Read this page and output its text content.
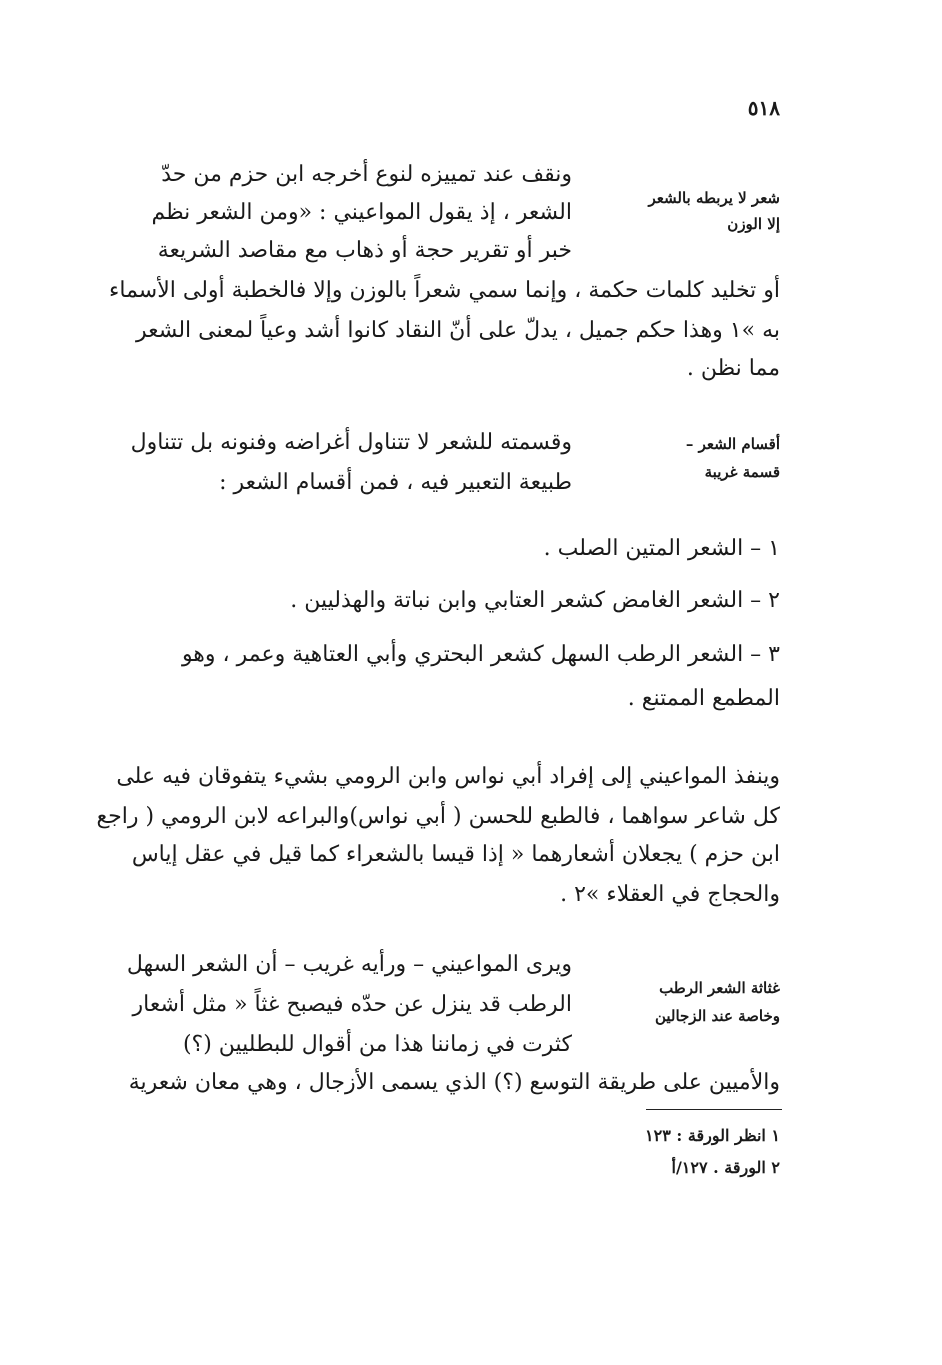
٥١٨
ونقف عند تمييزه لنوع أخرجه ابن حزم من حدّ
الشعر ، إذ يقول المواعيني : «ومن الشعر نظم
خبر أو تقرير حجة أو ذهاب مع مقاصد الشريعة
شعر لا يربطه بالشعر
إلا الوزن
أو تخليد كلمات حكمة ، وإنما سمي شعراً بالوزن وإلا فالخطبة أولى الأسماء
به »١ وهذا حكم جميل ، يدلّ على أنّ النقاد كانوا أشد وعياً لمعنى الشعر
مما نظن .
أقسام الشعر –
قسمة غريبة
وقسمته للشعر لا تتناول أغراضه وفنونه بل تتناول
طبيعة التعبير فيه ، فمن أقسام الشعر :
١ – الشعر المتين الصلب .
٢ – الشعر الغامض كشعر العتابي وابن نباتة والهذليين .
٣ – الشعر الرطب السهل كشعر البحتري وأبي العتاهية وعمر ، وهو
المطمع الممتنع .
وينفذ المواعيني إلى إفراد أبي نواس وابن الرومي بشيء يتفوقان فيه على
كل شاعر سواهما ، فالطبع للحسن ( أبي نواس)والبراعه لابن الرومي ( راجع
ابن حزم ) يجعلان أشعارهما « إذا قيسا بالشعراء كما قيل في عقل إياس
والحجاج في العقلاء »٢ .
غثاثة الشعر الرطب
وخاصة عند الزجالين
ويرى المواعيني – ورأيه غريب – أن الشعر السهل
الرطب قد ينزل عن حدّه فيصبح غثاً « مثل أشعار
كثرت في زماننا هذا من أقوال للبطليين (؟)
والأميين على طريقة التوسع (؟) الذي يسمى الأزجال ، وهي معان شعرية
١ انظر الورقة : ١٢٣
٢ الورقة . ١٢٧/أ
